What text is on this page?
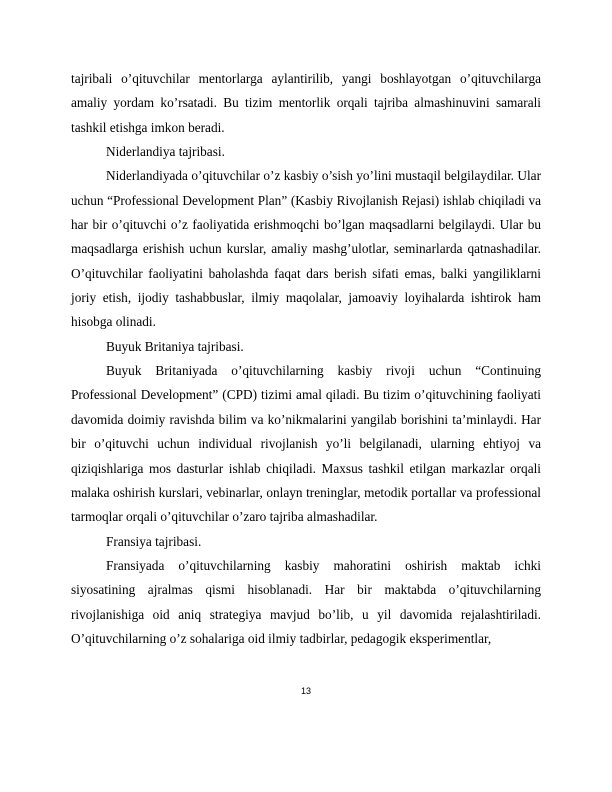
tajribali o’qituvchilar mentorlarga aylantirilib, yangi boshlayotgan o’qituvchilarga amaliy yordam ko’rsatadi. Bu tizim mentorlik orqali tajriba almashinuvini samarali tashkil etishga imkon beradi.

Niderlandiya tajribasi.

Niderlandiyada o’qituvchilar o’z kasbiy o’sish yo’lini mustaqil belgilaydilar. Ular uchun “Professional Development Plan” (Kasbiy Rivojlanish Rejasi) ishlab chiqiladi va har bir o’qituvchi o’z faoliyatida erishmoqchi bo’lgan maqsadlarni belgilaydi. Ular bu maqsadlarga erishish uchun kurslar, amaliy mashg’ulotlar, seminarlarda qatnashadilar. O’qituvchilar faoliyatini baholashda faqat dars berish sifati emas, balki yangiliklarni joriy etish, ijodiy tashabbuslar, ilmiy maqolalar, jamoaviy loyihalarda ishtirok ham hisobga olinadi.

Buyuk Britaniya tajribasi.

Buyuk Britaniyada o’qituvchilarning kasbiy rivoji uchun “Continuing Professional Development” (CPD) tizimi amal qiladi. Bu tizim o’qituvchining faoliyati davomida doimiy ravishda bilim va ko’nikmalarini yangilab borishini ta’minlaydi. Har bir o’qituvchi uchun individual rivojlanish yo’li belgilanadi, ularning ehtiyoj va qiziqishlariga mos dasturlar ishlab chiqiladi. Maxsus tashkil etilgan markazlar orqali malaka oshirish kurslari, vebinarlar, onlayn treninglar, metodik portallar va professional tarmoqlar orqali o’qituvchilar o’zaro tajriba almashadilar.

Fransiya tajribasi.

Fransiyada o’qituvchilarning kasbiy mahoratini oshirish maktab ichki siyosatining ajralmas qismi hisoblanadi. Har bir maktabda o’qituvchilarning rivojlanishiga oid aniq strategiya mavjud bo’lib, u yil davomida rejalashtiriladi. O’qituvchilarning o’z sohalariga oid ilmiy tadbirlar, pedagogik eksperimentlar,

13
